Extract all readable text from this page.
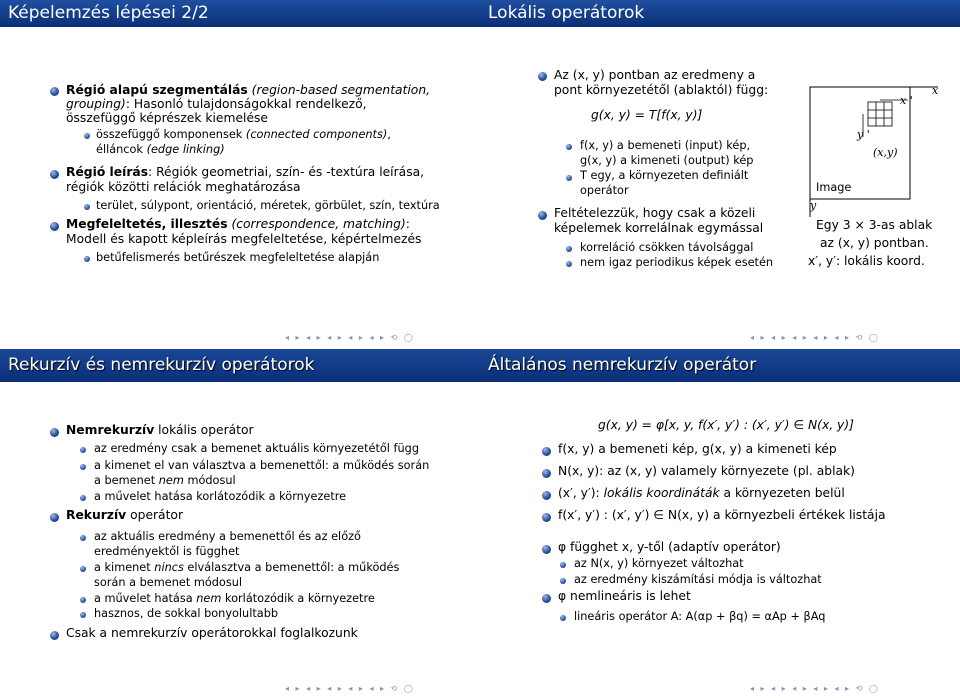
Képelemzés lépései 2/2
Régió alapú szegmentálás (region-based segmentation,
grouping): Hasonló tulajdonságokkal rendelkező,
összefüggő képrészek kiemelése
összefüggő komponensek (connected components),
élláncok (edge linking)
Régió leírás: Régiók geometriai, szín- és -textúra leírása,
régiók közötti relációk meghatározása
terület, súlypont, orientáció, méretek, görbület, szín, textúra
Megfeleltetés, illesztés (correspondence, matching):
Modell és kapott képleírás megfeleltetése, képértelmezés
betűfelismerés betűrészek megfeleltetése alapján
◂ ▸ ◂ ▸ ◂ ▸ ◂ ▸ ◂ ▸ ⟲ ◯
Lokális operátorok
Az (x, y) pontban az eredmeny a
pont környezetétől (ablaktól) függ:
g(x, y) = T[f(x, y)]
f(x, y) a bemeneti (input) kép,
g(x, y) a kimeneti (output) kép
T egy, a környezeten definiált
operátor
Feltételezzük, hogy csak a közeli
képelemek korrelálnak egymással
korreláció csökken távolsággal
nem igaz periodikus képek esetén
x
x '
y '
(x,y)
Image
y
Egy 3 × 3-as ablak
az (x, y) pontban.
x′, y′: lokális koord.
◂ ▸ ◂ ▸ ◂ ▸ ◂ ▸ ◂ ▸ ⟲ ◯
Rekurzív és nemrekurzív operátorok
Nemrekurzív lokális operátor
az eredmény csak a bemenet aktuális környezetétől függ
a kimenet el van választva a bemenettől: a működés során
a bemenet nem módosul
a művelet hatása korlátozódik a környezetre
Rekurzív operátor
az aktuális eredmény a bemenettől és az előző
eredményektől is függhet
a kimenet nincs elválasztva a bemenettől: a működés
során a bemenet módosul
a művelet hatása nem korlátozódik a környezetre
hasznos, de sokkal bonyolultabb
Csak a nemrekurzív operátorokkal foglalkozunk
◂ ▸ ◂ ▸ ◂ ▸ ◂ ▸ ◂ ▸ ⟲ ◯
Általános nemrekurzív operátor
g(x, y) = φ[x, y, f(x′, y′) : (x′, y′) ∈ N(x, y)]
f(x, y) a bemeneti kép, g(x, y) a kimeneti kép
N(x, y): az (x, y) valamely környezete (pl. ablak)
(x′, y′): lokális koordináták a környezeten belül
f(x′, y′) : (x′, y′) ∈ N(x, y) a környezbeli értékek listája
φ függhet x, y-től (adaptív operátor)
az N(x, y) környezet változhat
az eredmény kiszámítási módja is változhat
φ nemlineáris is lehet
lineáris operátor A: A(αp + βq) = αAp + βAq
◂ ▸ ◂ ▸ ◂ ▸ ◂ ▸ ◂ ▸ ⟲ ◯
